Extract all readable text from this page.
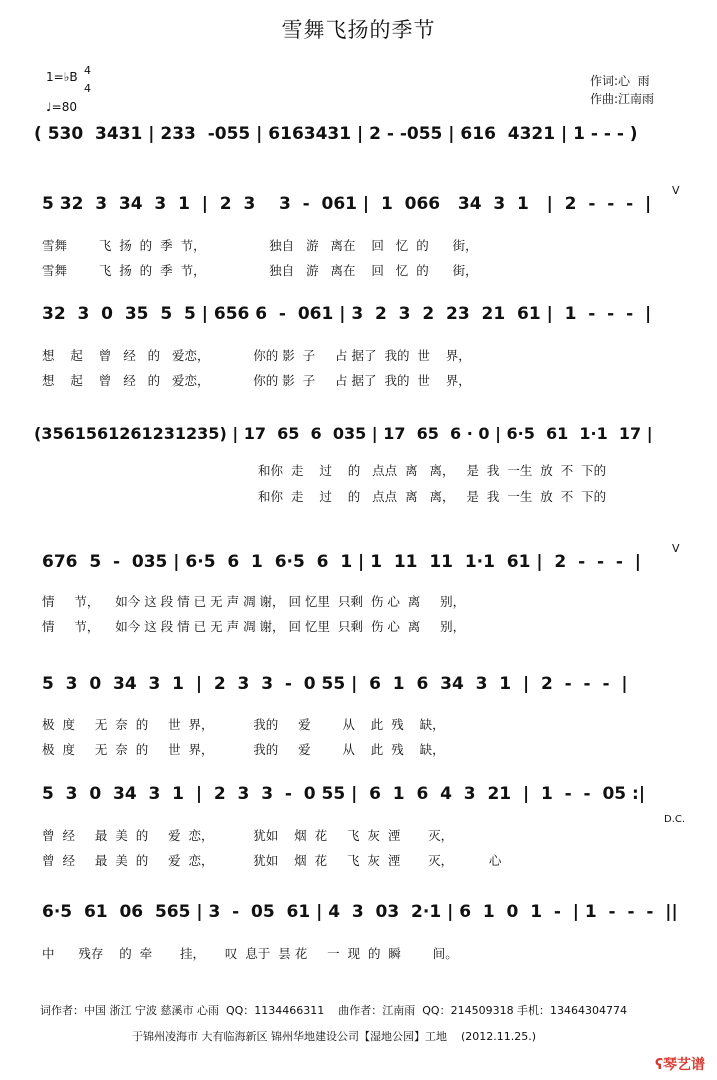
雪舞飞扬的季节
1=♭B 4
4
♩=80
作词:心  雨
作曲:江南雨
( 530  3431 | 233  -055 | 6163431 | 2 - -055 | 616  4321 | 1 - - - )
5 32  3  34  3  1  |  2  3    3  -  061 |  1  066   34  3  1   |  2  -  -  -  |
V
雪舞        飞  扬  的  季  节，                独自   游   离在    回   忆  的      街，
雪舞        飞  扬  的  季  节，                独自   游   离在    回   忆  的      街，
32  3  0  35  5  5 | 656 6  -  061 | 3  2  3  2  23  21  61 |  1  -  -  -  |
想    起    曾   经   的   爱恋，           你的 影  子     占 据了  我的  世    界，
想    起    曾   经   的   爱恋，           你的 影  子     占 据了  我的  世    界，
(3561561261231235) | 17  65  6  035 | 17  65  6 · 0 | 6·5  61  1·1  17 |
和你  走    过    的   点点  离   离，   是  我  一生  放  不  下的
和你  走    过    的   点点  离   离，   是  我  一生  放  不  下的
676  5  -  035 | 6·5  6  1  6·5  6  1 | 1  11  11  1·1  61 |  2  -  -  -  |
V
情     节，    如今 这 段 情 已 无 声 凋 谢， 回 忆里  只剩  伤 心  离     别，
情     节，    如今 这 段 情 已 无 声 凋 谢， 回 忆里  只剩  伤 心  离     别，
5  3  0  34  3  1  |  2  3  3  -  0 55 |  6  1  6  34  3  1  |  2  -  -  -  |
极  度     无  奈  的     世  界，          我的     爱        从    此  残    缺，
极  度     无  奈  的     世  界，          我的     爱        从    此  残    缺，
5  3  0  34  3  1  |  2  3  3  -  0 55 |  6  1  6  4  3  21  |  1  -  -  05 :|
D.C.
曾  经     最  美  的     爱  恋，          犹如    烟  花     飞  灰  湮       灭，
曾  经     最  美  的     爱  恋，          犹如    烟  花     飞  灰  湮       灭，         心
6·5  61  06  565 | 3  -  05  61 | 4  3  03  2·1 | 6  1  0  1  -  | 1  -  -  -  ||
中      残存    的  牵       挂，     叹  息于  昙 花     一  现  的  瞬        间。
词作者：中国 浙江 宁波 慈溪市 心雨  QQ：1134466311    曲作者：江南雨  QQ：214509318 手机：13464304774
于锦州凌海市 大有临海新区 锦州华地建设公司【湿地公园】工地    (2012.11.25.)

ʕ琴艺谱
